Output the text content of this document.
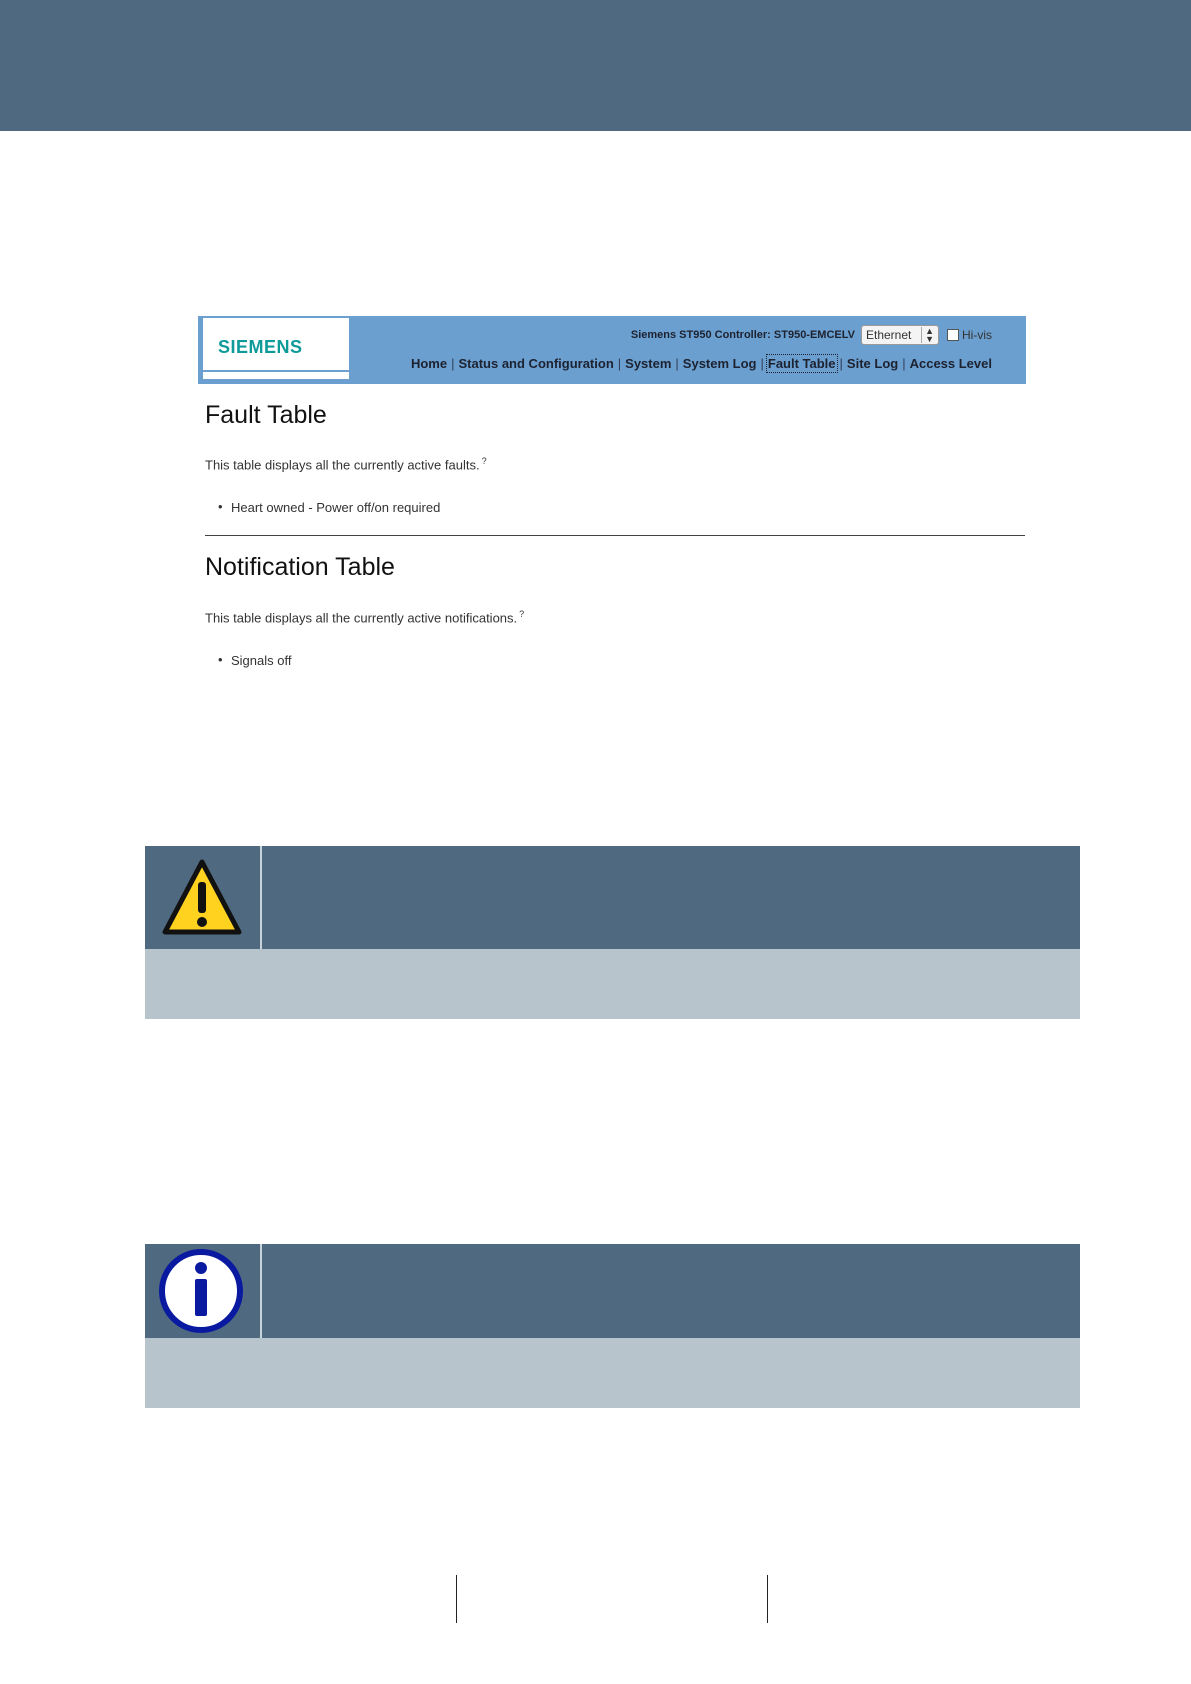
SIEMENS
Siemens ST950 Controller: ST950-EMCELV Ethernet	▲
▼ Hi-vis
Home | Status and Configuration | System | System Log | Fault Table | Site Log | Access Level
Fault Table
This table displays all the currently active faults. ?
• Heart owned - Power off/on required
Notification Table
This table displays all the currently active notifications. ?
• Signals off
